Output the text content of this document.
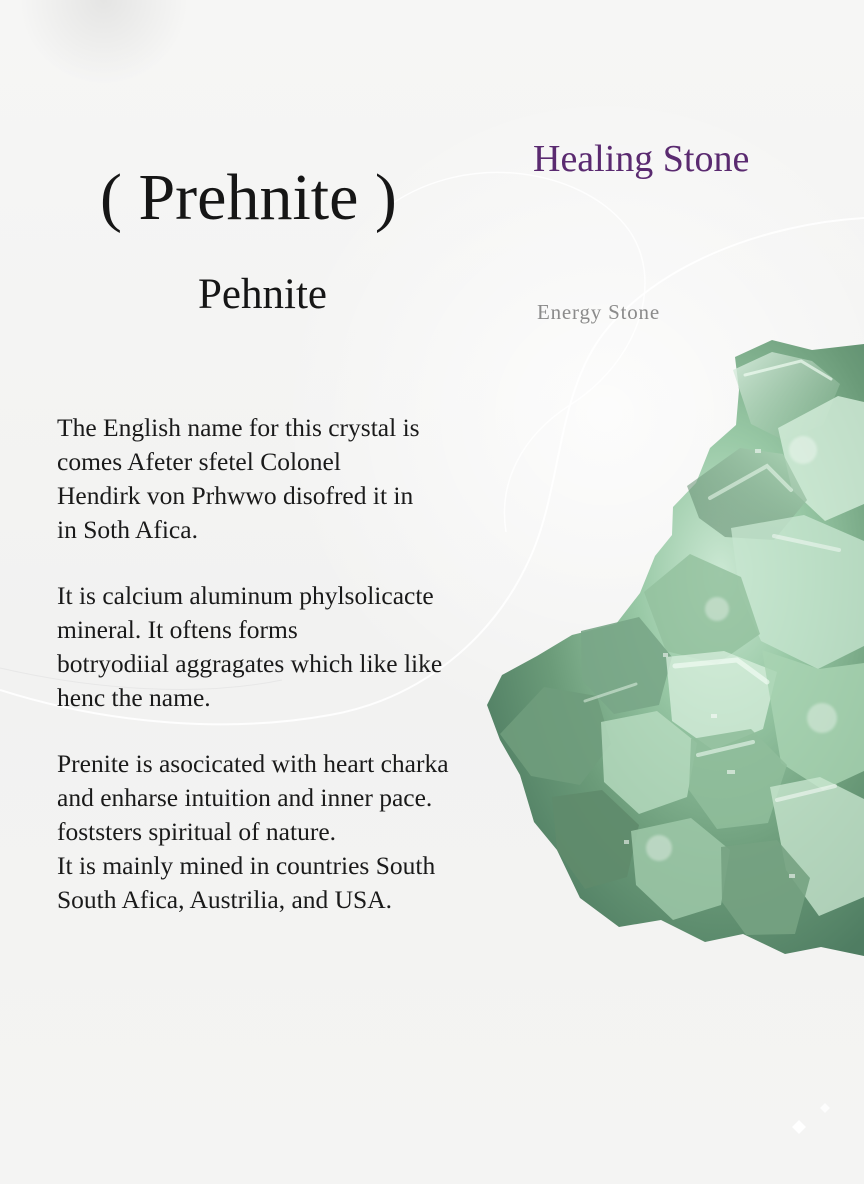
( Prehnite )
Pehnite
Healing Stone
Energy Stone

The English name for this crystal is
comes Afeter sfetel Colonel
Hendirk von Prhwwo disofred it in
in Soth Afica.

It is calcium aluminum phylsolicacte
mineral. It oftens forms
botryodiial aggragates which like like
henc the name.

Prenite is asocicated with heart charka
and enharse intuition and inner pace.
foststers spiritual of nature.
It is mainly mined in countries South
South Afica, Austrilia, and USA.
